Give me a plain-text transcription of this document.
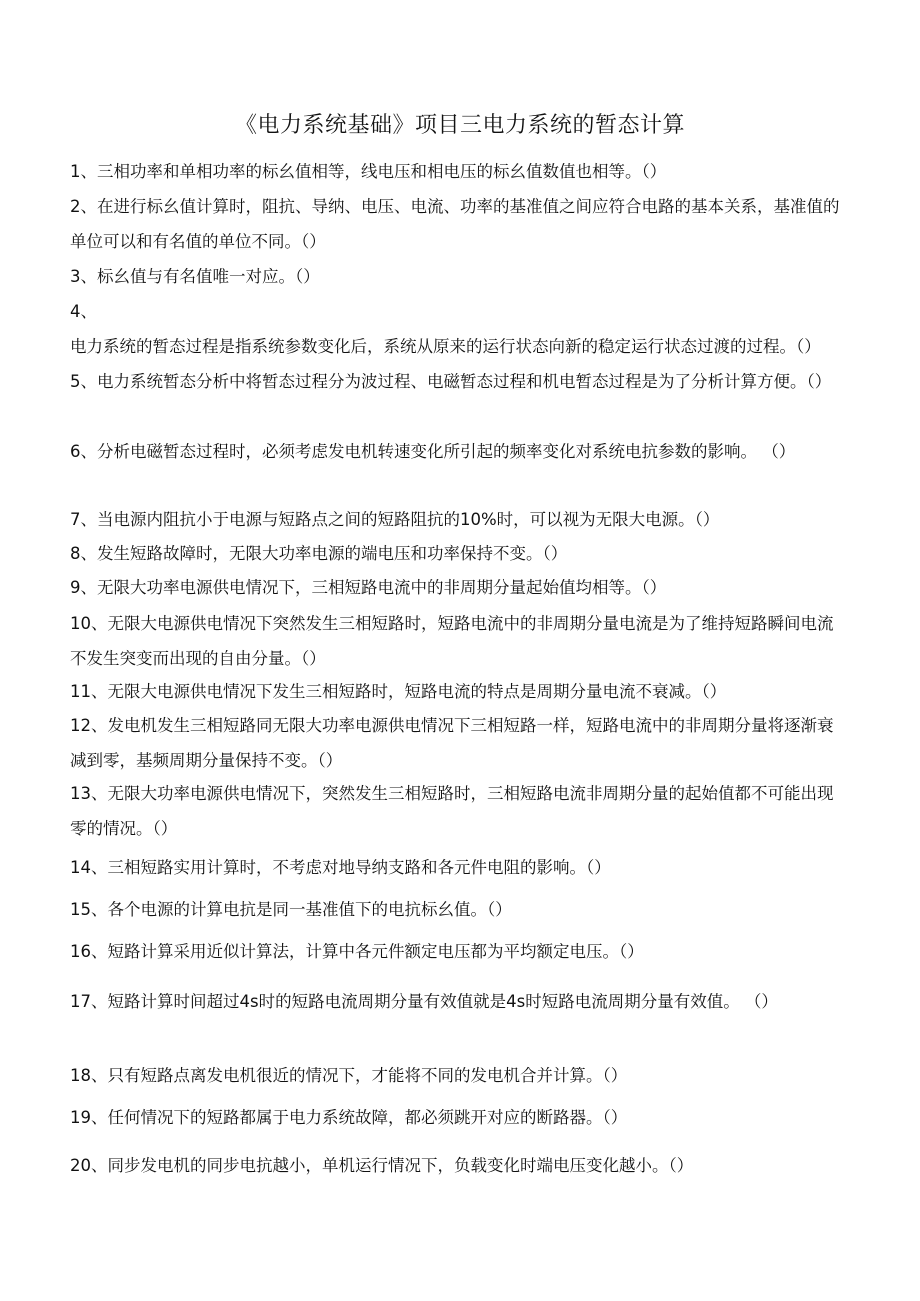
《电力系统基础》项目三电力系统的暂态计算
1、三相功率和单相功率的标幺值相等，线电压和相电压的标幺值数值也相等。（）
2、在进行标幺值计算时，阻抗、导纳、电压、电流、功率的基准值之间应符合电路的基本关系，基准值的单位可以和有名值的单位不同。（）
3、标幺值与有名值唯一对应。（）
4、电力系统的暂态过程是指系统参数变化后，系统从原来的运行状态向新的稳定运行状态过渡的过程。（）
5、电力系统暂态分析中将暂态过程分为波过程、电磁暂态过程和机电暂态过程是为了分析计算方便。（）
6、分析电磁暂态过程时，必须考虑发电机转速变化所引起的频率变化对系统电抗参数的影响。 （）
7、当电源内阻抗小于电源与短路点之间的短路阻抗的10%时，可以视为无限大电源。（）
8、发生短路故障时，无限大功率电源的端电压和功率保持不变。（）
9、无限大功率电源供电情况下，三相短路电流中的非周期分量起始值均相等。（）
10、无限大电源供电情况下突然发生三相短路时，短路电流中的非周期分量电流是为了维持短路瞬间电流不发生突变而出现的自由分量。（）
11、无限大电源供电情况下发生三相短路时，短路电流的特点是周期分量电流不衰减。（）
12、发电机发生三相短路同无限大功率电源供电情况下三相短路一样，短路电流中的非周期分量将逐渐衰减到零，基频周期分量保持不变。（）
13、无限大功率电源供电情况下，突然发生三相短路时，三相短路电流非周期分量的起始值都不可能出现零的情况。（）
14、三相短路实用计算时，不考虑对地导纳支路和各元件电阻的影响。（）
15、各个电源的计算电抗是同一基准值下的电抗标幺值。（）
16、短路计算采用近似计算法，计算中各元件额定电压都为平均额定电压。（）
17、短路计算时间超过4s时的短路电流周期分量有效值就是4s时短路电流周期分量有效值。 （）
18、只有短路点离发电机很近的情况下，才能将不同的发电机合并计算。（）
19、任何情况下的短路都属于电力系统故障，都必须跳开对应的断路器。（）
20、同步发电机的同步电抗越小，单机运行情况下，负载变化时端电压变化越小。（）
